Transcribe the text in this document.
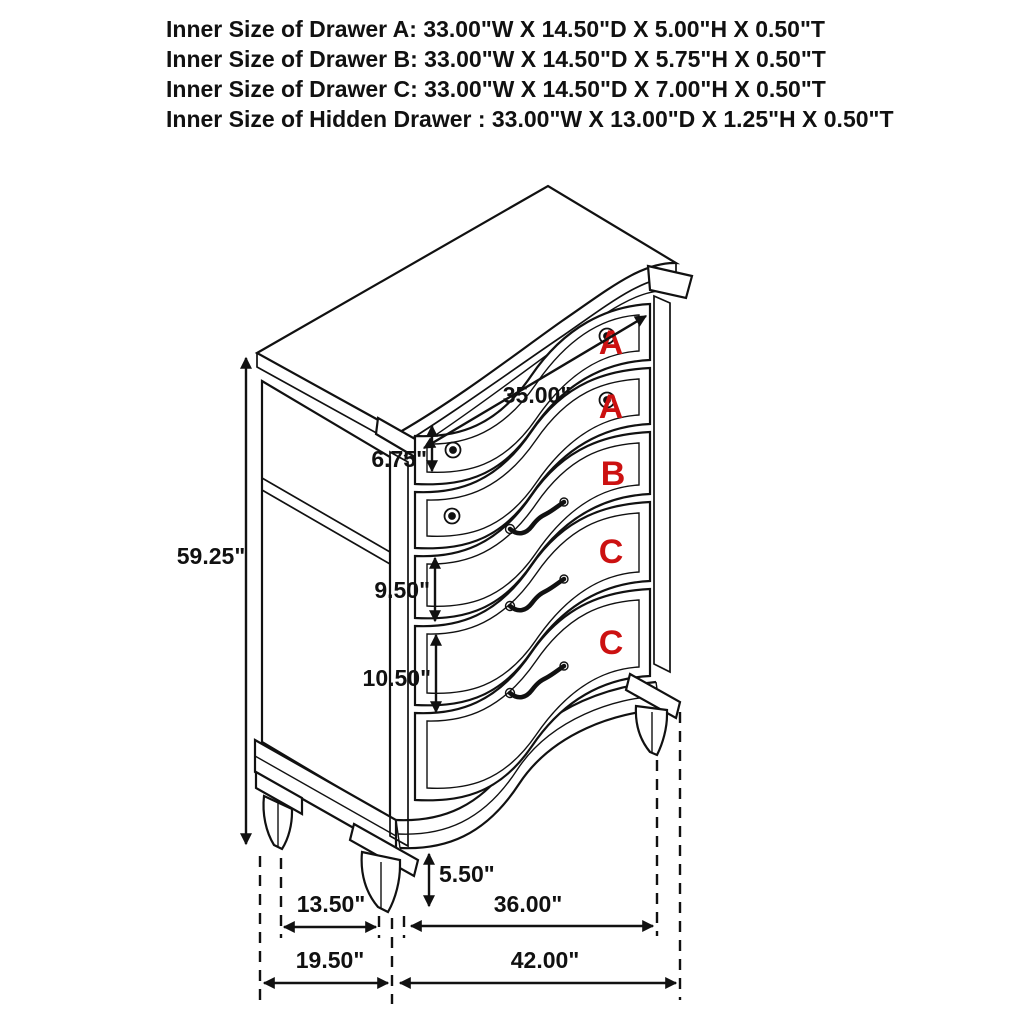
Inner Size of Drawer A: 33.00"W X 14.50"D X 5.00"H X 0.50"T
Inner Size of Drawer B: 33.00"W X 14.50"D X 5.75"H X 0.50"T
Inner Size of Drawer C: 33.00"W X 14.50"D X 7.00"H X 0.50"T
Inner Size of Hidden Drawer : 33.00"W X 13.00"D X 1.25"H X 0.50"T
A
A
B
C
C
59.25"
35.00"
6.75"
9.50"
10.50"
5.50"
13.50"	36.00"
19.50"	42.00"
